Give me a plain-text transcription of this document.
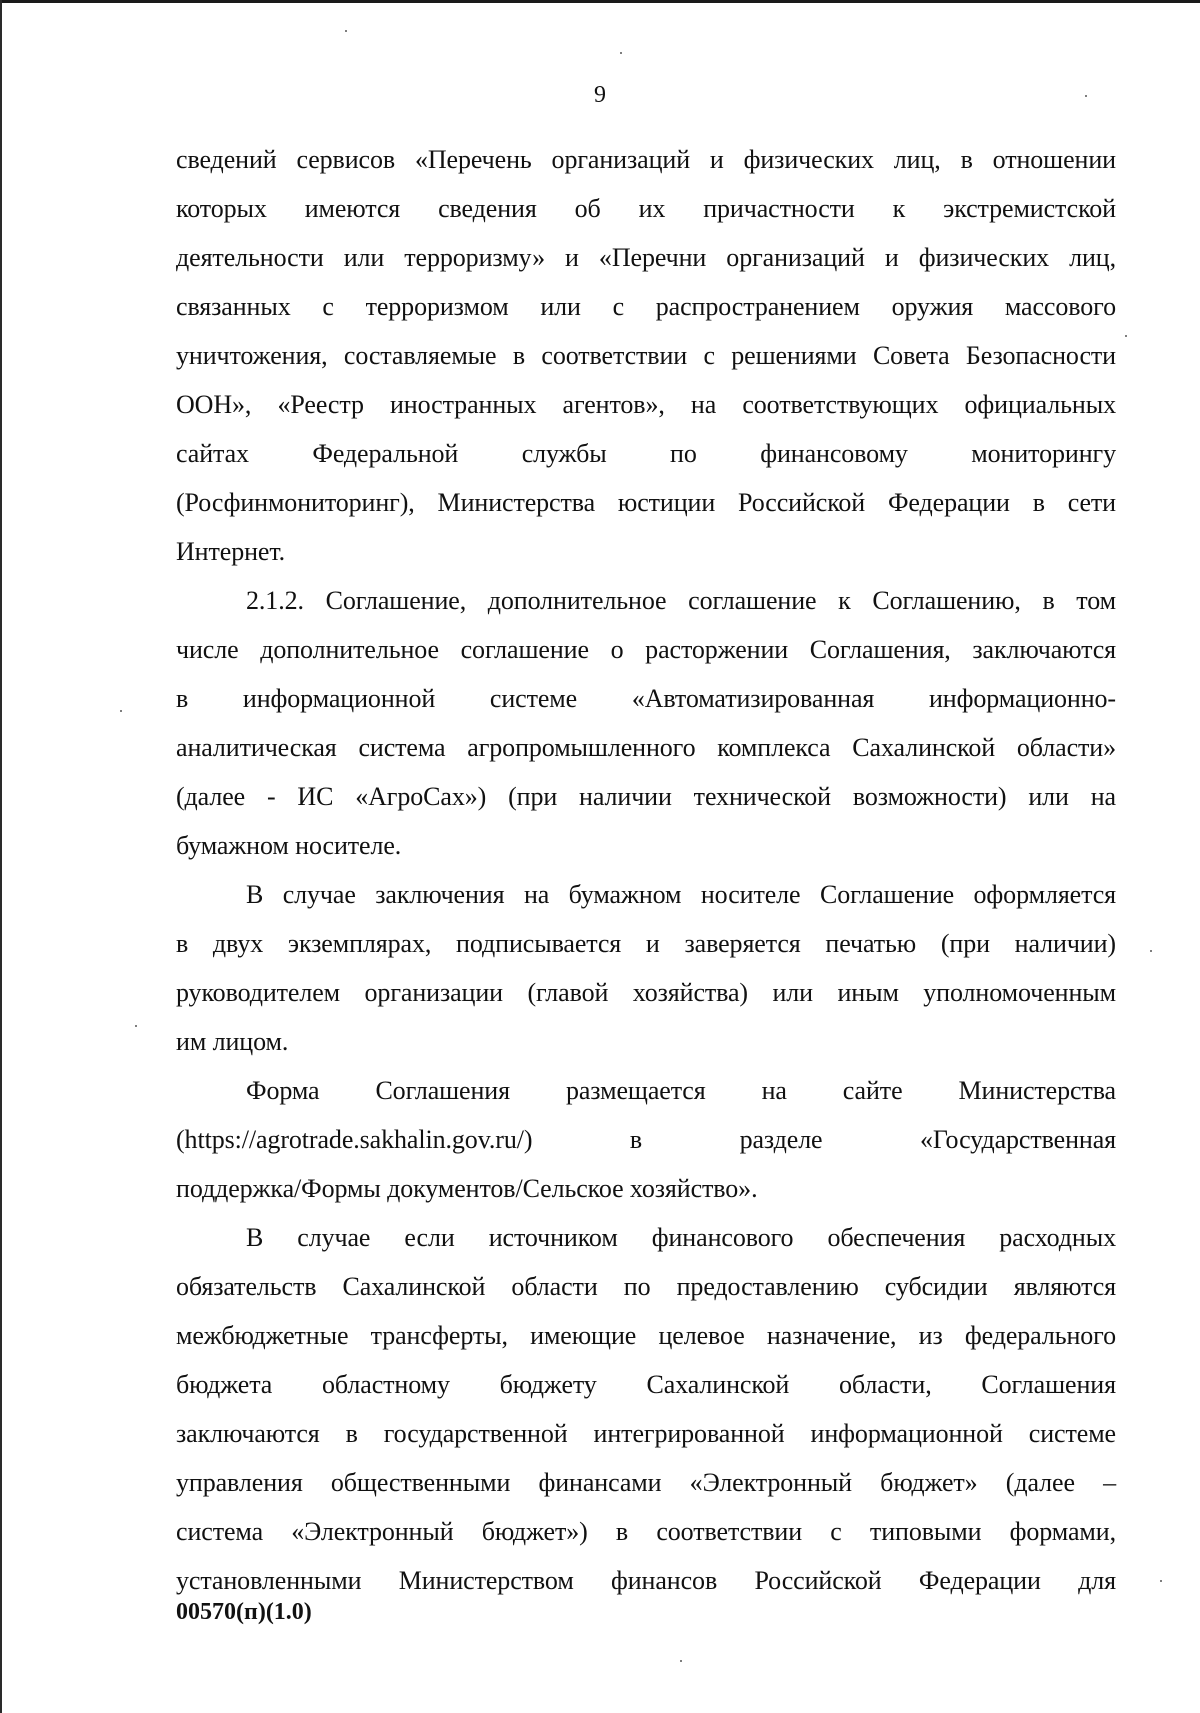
9
сведений сервисов «Перечень организаций и физических лиц, в отношении
которых имеются сведения об их причастности к экстремистской
деятельности или терроризму» и «Перечни организаций и физических лиц,
связанных с терроризмом или с распространением оружия массового
уничтожения, составляемые в соответствии с решениями Совета Безопасности
ООН», «Реестр иностранных агентов», на соответствующих официальных
сайтах Федеральной службы по финансовому мониторингу
(Росфинмониторинг), Министерства юстиции Российской Федерации в сети
Интернет.
2.1.2. Соглашение, дополнительное соглашение к Соглашению, в том
числе дополнительное соглашение о расторжении Соглашения, заключаются
в информационной системе «Автоматизированная информационно-
аналитическая система агропромышленного комплекса Сахалинской области»
(далее - ИС «АгроСах») (при наличии технической возможности) или на
бумажном носителе.
В случае заключения на бумажном носителе Соглашение оформляется
в двух экземплярах, подписывается и заверяется печатью (при наличии)
руководителем организации (главой хозяйства) или иным уполномоченным
им лицом.
Форма Соглашения размещается на сайте Министерства
(https://agrotrade.sakhalin.gov.ru/)	в	разделе	«Государственная
поддержка/Формы документов/Сельское хозяйство».
В случае если источником финансового обеспечения расходных
обязательств Сахалинской области по предоставлению субсидии являются
межбюджетные трансферты, имеющие целевое назначение, из федерального
бюджета областному бюджету Сахалинской области, Соглашения
заключаются в государственной интегрированной информационной системе
управления общественными финансами «Электронный бюджет» (далее –
система «Электронный бюджет») в соответствии с типовыми формами,
установленными Министерством финансов Российской Федерации для
00570(п)(1.0)
